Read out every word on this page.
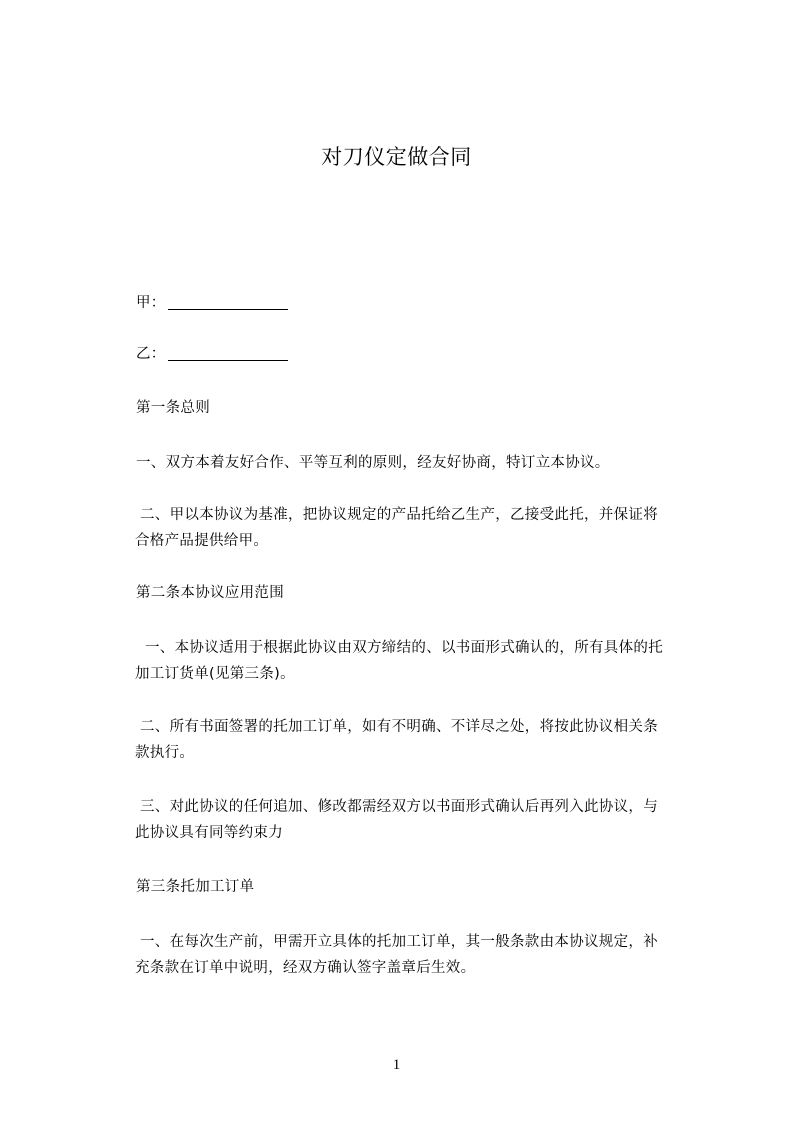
对刀仪定做合同
甲：
乙：
第一条总则
一、双方本着友好合作、平等互利的原则，经友好协商，特订立本协议。
二、甲以本协议为基准，把协议规定的产品托给乙生产，乙接受此托，并保证将
合格产品提供给甲。
第二条本协议应用范围
一、本协议适用于根据此协议由双方缔结的、以书面形式确认的，所有具体的托
加工订货单(见第三条)。
二、所有书面签署的托加工订单，如有不明确、不详尽之处，将按此协议相关条
款执行。
三、对此协议的任何追加、修改都需经双方以书面形式确认后再列入此协议，与
此协议具有同等约束力
第三条托加工订单
一、在每次生产前，甲需开立具体的托加工订单，其一般条款由本协议规定，补
充条款在订单中说明，经双方确认签字盖章后生效。
1
